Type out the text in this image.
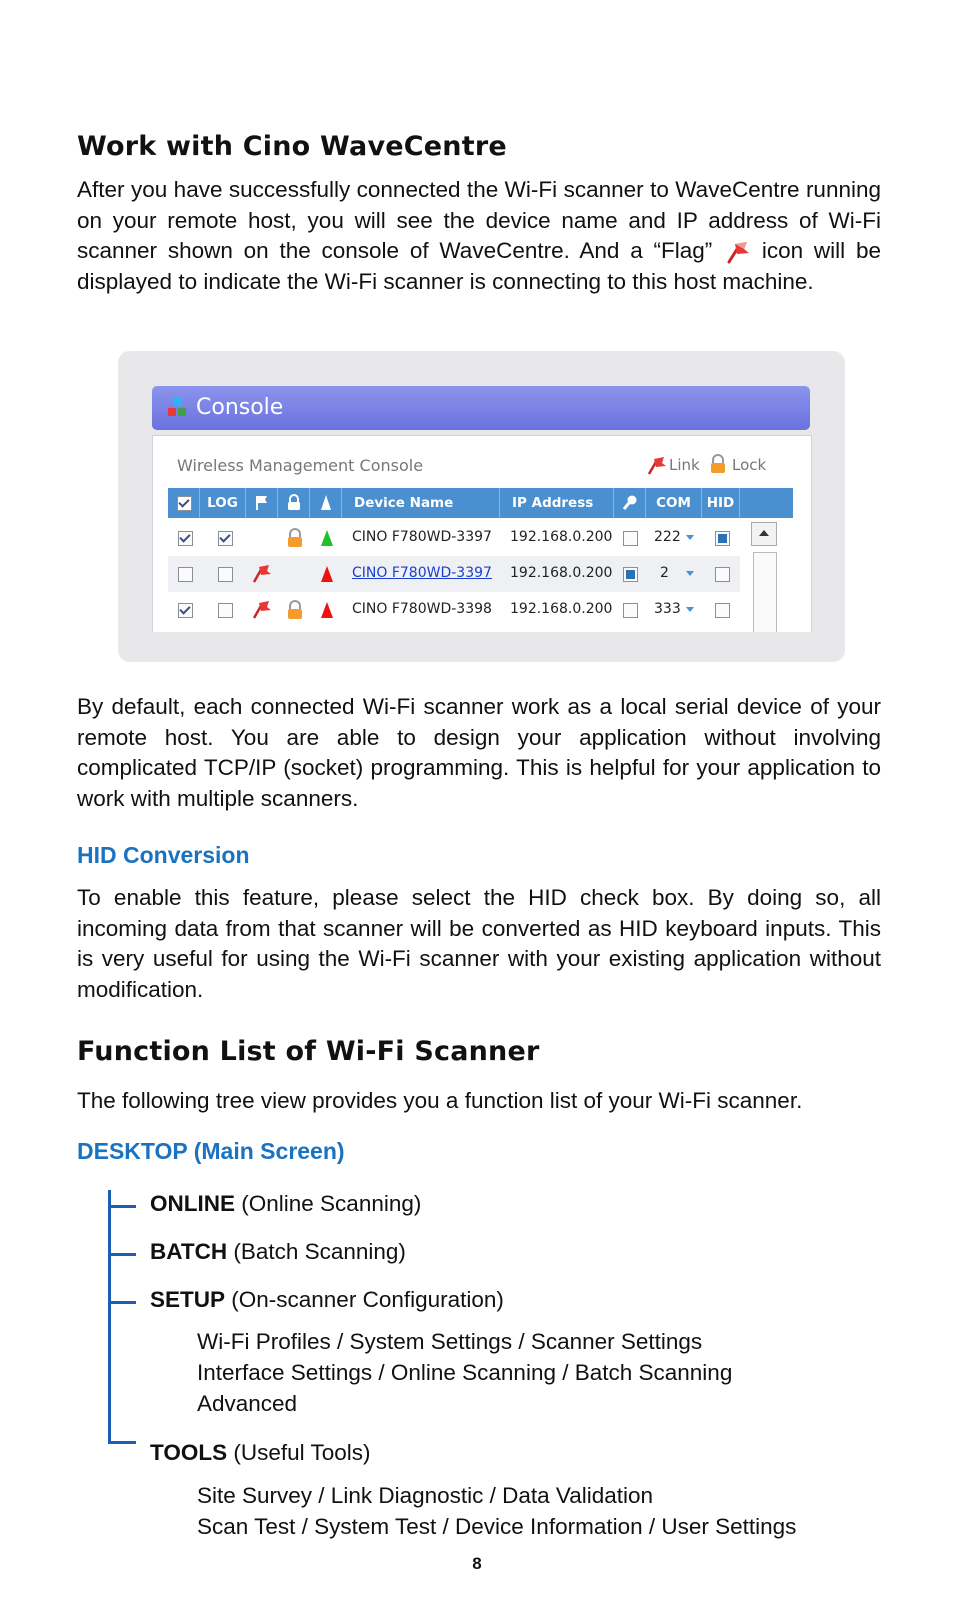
Work with Cino WaveCentre

After you have successfully connected the Wi-Fi scanner to WaveCentre running on your remote host, you will see the device name and IP address of Wi-Fi scanner shown on the console of WaveCentre. And a “Flag” icon will be displayed to indicate the Wi-Fi scanner is connecting to this host machine.

Console
Wireless Management Console	Link Lock
LOG	Device Name	IP Address	COM	HID
CINO F780WD-3397 192.168.0.200	222
CINO F780WD-3397 192.168.0.200	2
CINO F780WD-3398 192.168.0.200	333

By default, each connected Wi-Fi scanner work as a local serial device of your remote host. You are able to design your application without involving complicated TCP/IP (socket) programming. This is helpful for your application to work with multiple scanners.

HID Conversion

To enable this feature, please select the HID check box. By doing so, all incoming data from that scanner will be converted as HID keyboard inputs. This is very useful for using the Wi-Fi scanner with your existing application without modification.

Function List of Wi-Fi Scanner

The following tree view provides you a function list of your Wi-Fi scanner.

DESKTOP (Main Screen)
ONLINE (Online Scanning)
BATCH (Batch Scanning)
SETUP (On-scanner Configuration)
Wi-Fi Profiles / System Settings / Scanner Settings
Interface Settings / Online Scanning / Batch Scanning
Advanced
TOOLS (Useful Tools)
Site Survey / Link Diagnostic / Data Validation
Scan Test / System Test / Device Information / User Settings
8
